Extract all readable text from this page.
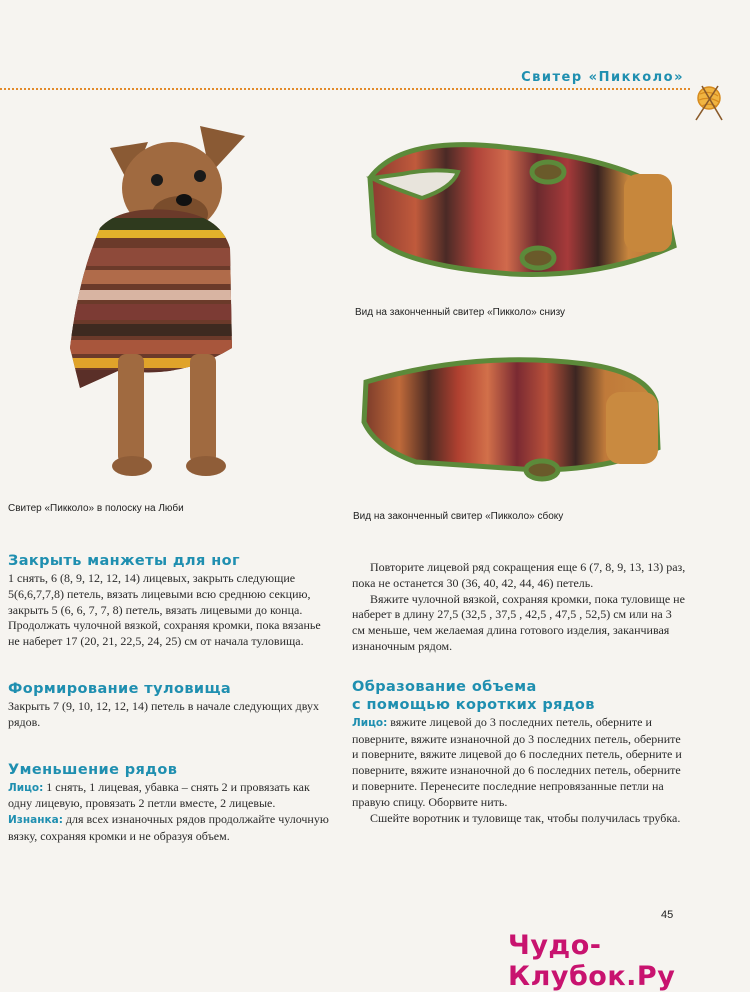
Свитер «Пикколо»
Свитер «Пикколо» в полоску на Люби
Вид на законченный свитер «Пикколо» снизу
Вид на законченный свитер «Пикколо» сбоку
Закрыть манжеты для ног

1 снять, 6 (8, 9, 12, 12, 14) лицевых, закрыть следующие 5(6,6,7,7,8) петель, вязать лицевыми всю среднюю секцию, закрыть 5 (6, 6, 7, 7, 8) петель, вязать лицевыми до конца.

Продолжать чулочной вязкой, сохраняя кромки, пока вязанье не наберет 17 (20, 21, 22,5, 24, 25) см от начала туловища.

Формирование туловища

Закрыть 7 (9, 10, 12, 12, 14) петель в начале следующих двух рядов.

Уменьшение рядов

Лицо: 1 снять, 1 лицевая, убавка – снять 2 и провязать как одну лицевую, провязать 2 петли вместе, 2 лицевые.

Изнанка: для всех изнаночных рядов продолжайте чулочную вязку, сохраняя кромки и не образуя объем.

Повторите лицевой ряд сокращения еще 6 (7, 8, 9, 13, 13) раз, пока не останется 30 (36, 40, 42, 44, 46) петель.

Вяжите чулочной вязкой, сохраняя кромки, пока туловище не наберет в длину 27,5 (32,5 , 37,5 , 42,5 , 47,5 , 52,5) см или на 3 см меньше, чем желаемая длина готового изделия, заканчивая изнаночным рядом.

Образование объема
с помощью коротких рядов

Лицо: вяжите лицевой до 3 последних петель, оберните и поверните, вяжите изнаночной до 3 последних петель, оберните и поверните, вяжите лицевой до 6 последних петель, оберните и поверните, вяжите изнаночной до 6 последних петель, оберните и поверните. Перенесите последние непровязанные петли на правую спицу. Оборвите нить.

Сшейте воротник и туловище так, чтобы получилась трубка.

45
Чудо-Клубок.Ру
